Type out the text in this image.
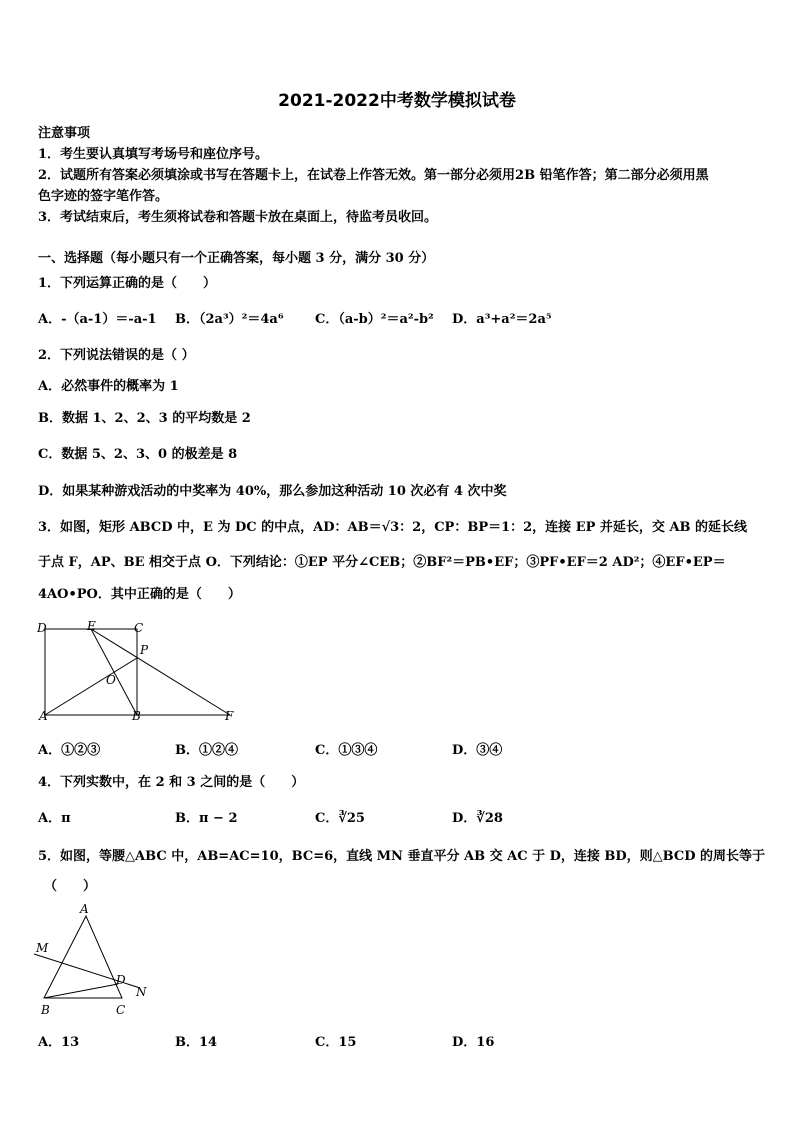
2021-2022中考数学模拟试卷
注意事项
1．考生要认真填写考场号和座位序号。
2．试题所有答案必须填涂或书写在答题卡上，在试卷上作答无效。第一部分必须用2B 铅笔作答；第二部分必须用黑
色字迹的签字笔作答。
3．考试结束后，考生须将试卷和答题卡放在桌面上，待监考员收回。
一、选择题（每小题只有一个正确答案，每小题 3 分，满分 30 分）
1．下列运算正确的是（　　）
A．-（a-1）＝-a-1 B．（2a³）²＝4a⁶ C．（a-b）²＝a²-b² D．a³+a²＝2a⁵
2．下列说法错误的是（ ）
A．必然事件的概率为 1
B．数据 1、2、2、3 的平均数是 2
C．数据 5、2、3、0 的极差是 8
D．如果某种游戏活动的中奖率为 40%，那么参加这种活动 10 次必有 4 次中奖
3．如图，矩形 ABCD 中，E 为 DC 的中点，AD：AB＝√3：2，CP：BP＝1：2，连接 EP 并延长，交 AB 的延长线
于点 F，AP、BE 相交于点 O．下列结论：①EP 平分∠CEB；②BF²＝PB•EF；③PF•EF＝2 AD²；④EF•EP＝
4AO•PO．其中正确的是（　　）
D	E	C
P
O
A	B	F
A．①②③	B．①②④	C．①③④	D．③④
4．下列实数中，在 2 和 3 之间的是（　　）
A．π	B．π − 2	C．∛25	D．∛28
5．如图，等腰△ABC 中，AB=AC=10，BC=6，直线 MN 垂直平分 AB 交 AC 于 D，连接 BD，则△BCD 的周长等于
（　　）
A
M
D
N
B	C
A．13	B．14	C．15	D．16
